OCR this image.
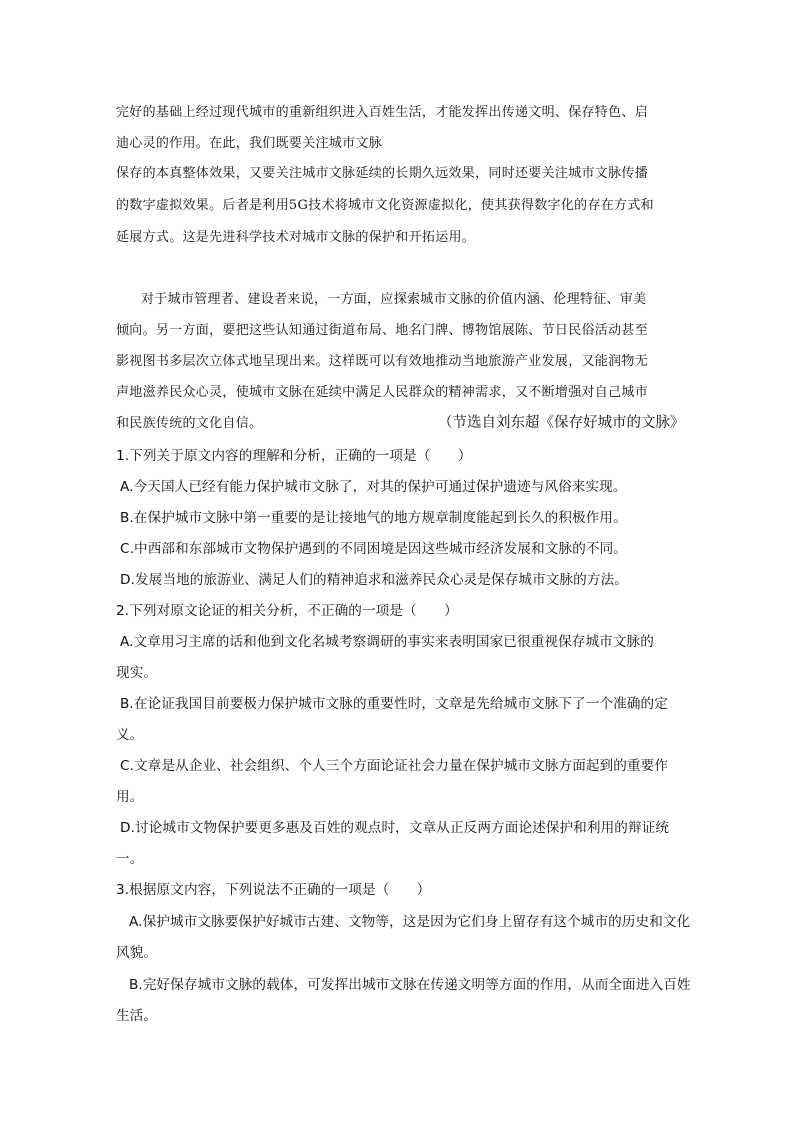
完好的基础上经过现代城市的重新组织进入百姓生活，才能发挥出传递文明、保存特色、启
迪心灵的作用。在此，我们既要关注城市文脉
保存的本真整体效果，又要关注城市文脉延续的长期久远效果，同时还要关注城市文脉传播
的数字虚拟效果。后者是利用5G技术将城市文化资源虚拟化，使其获得数字化的存在方式和
延展方式。这是先进科学技术对城市文脉的保护和开拓运用。
对于城市管理者、建设者来说，一方面，应探索城市文脉的价值内涵、伦理特征、审美
倾向。另一方面，要把这些认知通过街道布局、地名门牌、博物馆展陈、节日民俗活动甚至
影视图书多层次立体式地呈现出来。这样既可以有效地推动当地旅游产业发展，又能润物无
声地滋养民众心灵，使城市文脉在延续中满足人民群众的精神需求，又不断增强对自己城市
和民族传统的文化自信。	（节选自刘东超《保存好城市的文脉》
1.下列关于原文内容的理解和分析，正确的一项是（　　）
A.今天国人已经有能力保护城市文脉了，对其的保护可通过保护遗迹与风俗来实现。
B.在保护城市文脉中第一重要的是让接地气的地方规章制度能起到长久的积极作用。
C.中西部和东部城市文物保护遇到的不同困境是因这些城市经济发展和文脉的不同。
D.发展当地的旅游业、满足人们的精神追求和滋养民众心灵是保存城市文脉的方法。
2.下列对原文论证的相关分析，不正确的一项是（　　）
A.文章用习主席的话和他到文化名城考察调研的事实来表明国家已很重视保存城市文脉的
现实。
B.在论证我国目前要极力保护城市文脉的重要性时，文章是先给城市文脉下了一个准确的定
义。
C.文章是从企业、社会组织、个人三个方面论证社会力量在保护城市文脉方面起到的重要作
用。
D.讨论城市文物保护要更多惠及百姓的观点时，文章从正反两方面论述保护和利用的辩证统
一。
3.根据原文内容，下列说法不正确的一项是（　　）
A.保护城市文脉要保护好城市古建、文物等，这是因为它们身上留存有这个城市的历史和文化
风貌。
B.完好保存城市文脉的载体，可发挥出城市文脉在传递文明等方面的作用，从而全面进入百姓
生活。
